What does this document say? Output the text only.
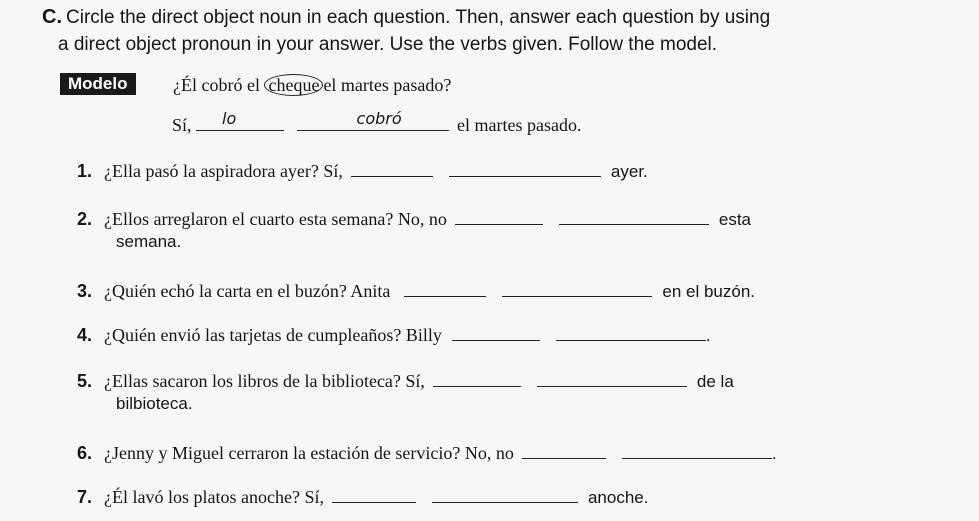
C. Circle the direct object noun in each question. Then, answer each question by using
a direct object pronoun in your answer. Use the verbs given. Follow the model.
Modelo	¿Él cobró el cheque el martes pasado?
Sí, lo
	cobró	el martes pasado.
1. ¿Ella pasó la aspiradora ayer? Sí,	ayer.
2. ¿Ellos arreglaron el cuarto esta semana? No, no	esta
semana.
3. ¿Quién echó la carta en el buzón? Anita	en el buzón.
4. ¿Quién envió las tarjetas de cumpleaños? Billy	.
5. ¿Ellas sacaron los libros de la biblioteca? Sí,	de la
bilbioteca.
6. ¿Jenny y Miguel cerraron la estación de servicio? No, no	.
7. ¿Él lavó los platos anoche? Sí,	anoche.
